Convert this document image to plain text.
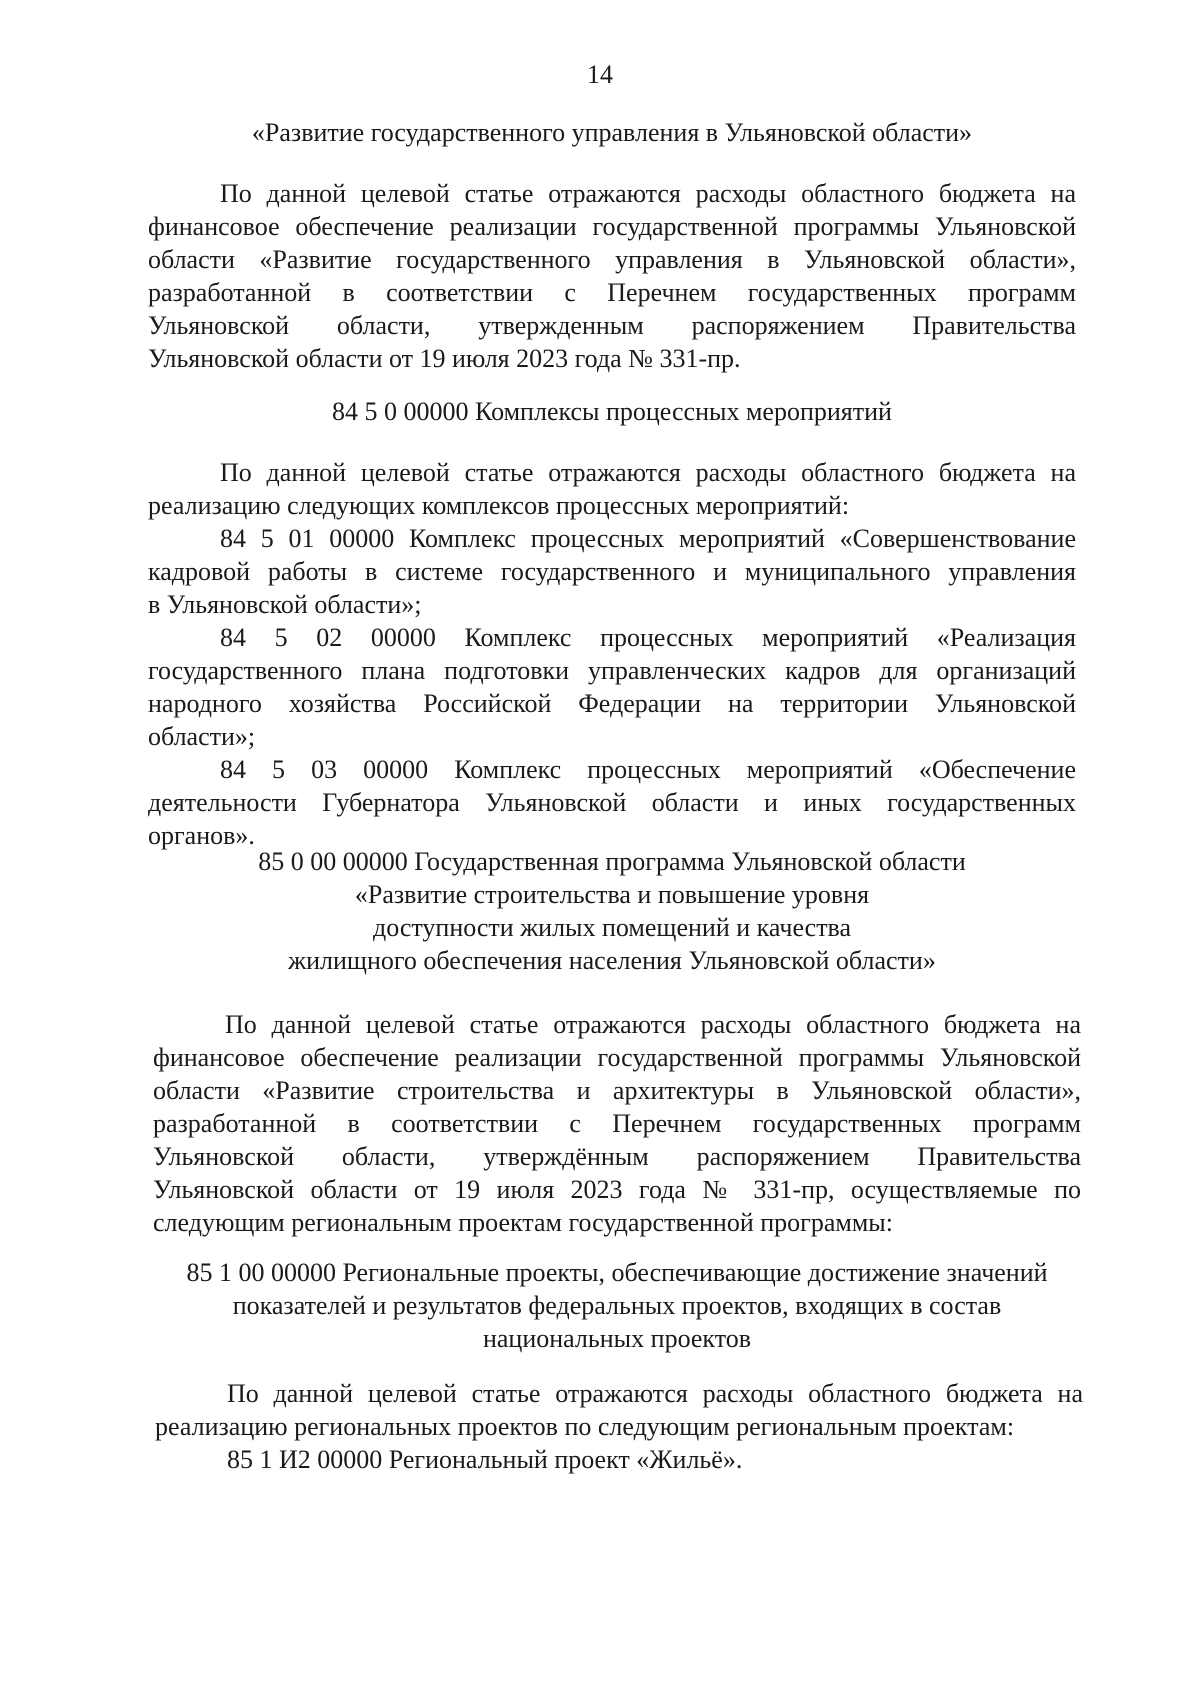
14
«Развитие государственного управления в Ульяновской области»
По данной целевой статье отражаются расходы областного бюджета на
финансовое обеспечение реализации государственной программы Ульяновской
области «Развитие государственного управления в Ульяновской области»,
разработанной в соответствии с Перечнем государственных программ
Ульяновской области, утвержденным распоряжением Правительства
Ульяновской области от 19 июля 2023 года № 331-пр.
84 5 0 00000 Комплексы процессных мероприятий
По данной целевой статье отражаются расходы областного бюджета на
реализацию следующих комплексов процессных мероприятий:
84 5 01 00000 Комплекс процессных мероприятий «Совершенствование
кадровой работы в системе государственного и муниципального управления
в Ульяновской области»;
84 5 02 00000 Комплекс процессных мероприятий «Реализация
государственного плана подготовки управленческих кадров для организаций
народного хозяйства Российской Федерации на территории Ульяновской
области»;
84 5 03 00000 Комплекс процессных мероприятий «Обеспечение
деятельности Губернатора Ульяновской области и иных государственных
органов».
85 0 00 00000 Государственная программа Ульяновской области
«Развитие строительства и повышение уровня
доступности жилых помещений и качества
жилищного обеспечения населения Ульяновской области»
По данной целевой статье отражаются расходы областного бюджета на
финансовое обеспечение реализации государственной программы Ульяновской
области «Развитие строительства и архитектуры в Ульяновской области»,
разработанной в соответствии с Перечнем государственных программ
Ульяновской области, утверждённым распоряжением Правительства
Ульяновской области от 19 июля 2023 года № 331-пр, осуществляемые по
следующим региональным проектам государственной программы:
85 1 00 00000 Региональные проекты, обеспечивающие достижение значений
показателей и результатов федеральных проектов, входящих в состав
национальных проектов
По данной целевой статье отражаются расходы областного бюджета на
реализацию региональных проектов по следующим региональным проектам:
85 1 И2 00000 Региональный проект «Жильё».
